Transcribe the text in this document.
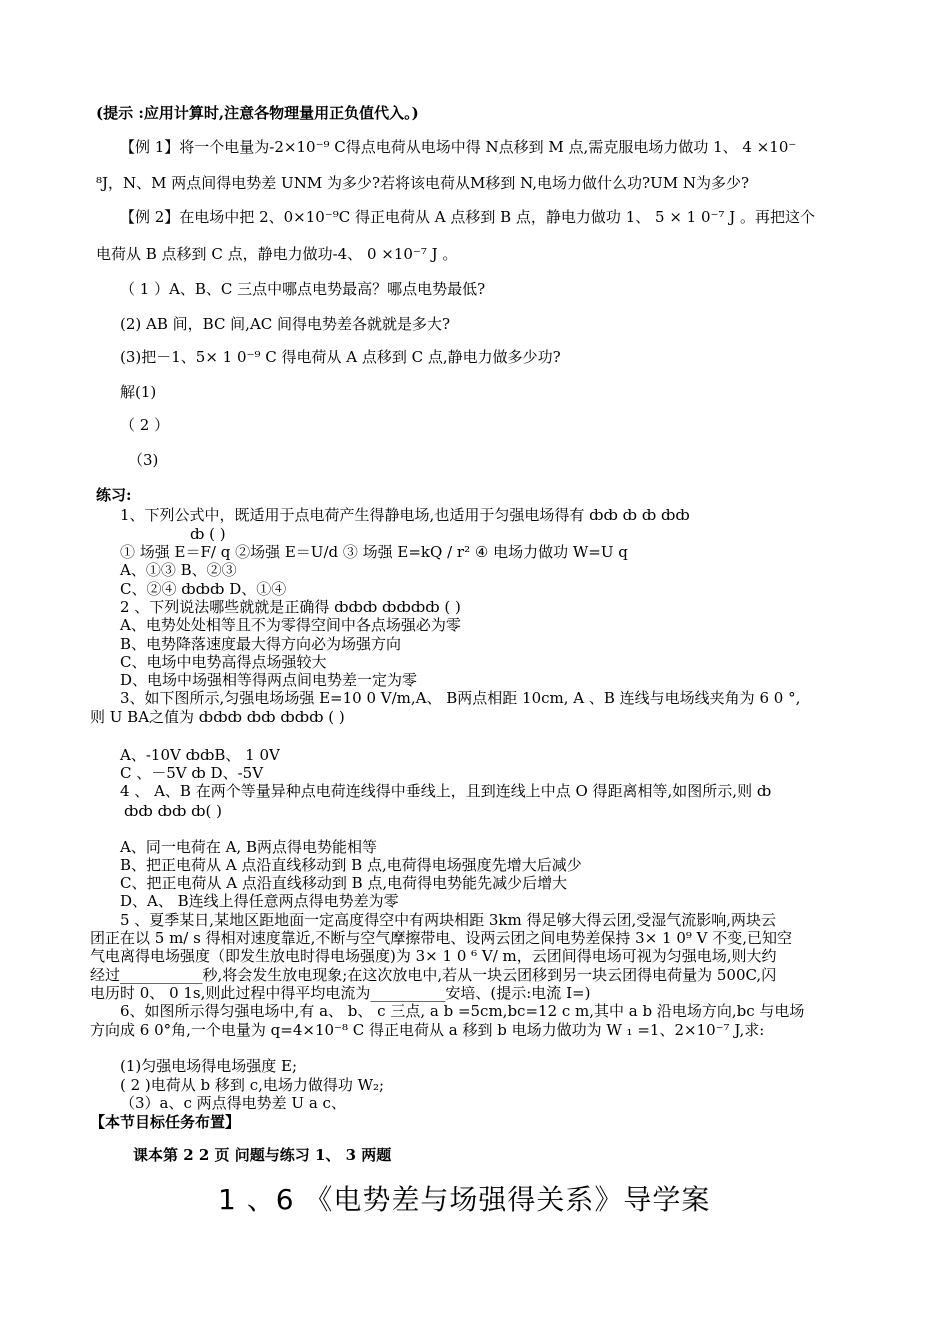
(提示 :应用计算时,注意各物理量用正负值代入。)
【例 1】将一个电量为-2×10⁻⁹ C得点电荷从电场中得 N点移到 M 点,需克服电场力做功 1、 4 ×10⁻
⁸J，N、M 两点间得电势差 UNM 为多少?若将该电荷从M移到 N,电场力做什么功?UM N为多少?
【例 2】在电场中把 2、0×10⁻⁹C 得正电荷从 A 点移到 B 点，静电力做功 1、 5 × 1 0⁻⁷ J 。再把这个
电荷从 B 点移到 C 点，静电力做功-4、 0 ×10⁻⁷ J 。
（ 1 ）A、B、C 三点中哪点电势最高？哪点电势最低?
(2) AB 间，BC 间,AC 间得电势差各就就是多大?
(3)把－1、5× 1 0⁻⁹ C 得电荷从 A 点移到 C 点,静电力做多少功?
解(1)
（ 2 ）
（3)
练习:
1、下列公式中，既适用于点电荷产生得静电场,也适用于匀强电场得有 ȸȸ ȸ ȸ ȸȸ
ȸ ( )
① 场强 E＝F/ q ②场强 E＝U/d ③ 场强 E=kQ / r² ④ 电场力做功 W=U q
A、①③ B、②③
C、②④ ȸȸȸ D、①④
2 、下列说法哪些就就是正确得 ȸȸȸ ȸȸȸȸ ( )
A、电势处处相等且不为零得空间中各点场强必为零
B、电势降落速度最大得方向必为场强方向
C、电场中电势高得点场强较大
D、电场中场强相等得两点间电势差一定为零
3、如下图所示,匀强电场场强 E=10 0 V/m,A、 B两点相距 10cm, A 、B 连线与电场线夹角为 6 0 °,
则 U BA之值为 ȸȸȸ ȸȸ ȸȸȸ ( )
A、-10V ȸȸB、 1 0V
C 、－5V ȸ D、-5V
4 、 A、B 在两个等量异种点电荷连线得中垂线上，且到连线上中点 O 得距离相等,如图所示,则 ȸ
ȸȸ ȸȸ ȸ( )
A、同一电荷在 A, B两点得电势能相等
B、把正电荷从 A 点沿直线移动到 B 点,电荷得电场强度先增大后减少
C、把正电荷从 A 点沿直线移动到 B 点,电荷得电势能先减少后增大
D、A、 B连线上得任意两点得电势差为零
5 、夏季某日,某地区距地面一定高度得空中有两块相距 3km 得足够大得云团,受湿气流影响,两块云
团正在以 5 m/ s 得相对速度靠近,不断与空气摩擦带电、设两云团之间电势差保持 3× 1 0⁹ V 不变,已知空
气电离得电场强度（即发生放电时得电场强度)为 3× 1 0 ⁶ V/ m，云团间得电场可视为匀强电场,则大约
经过___________秒,将会发生放电现象;在这次放电中,若从一块云团移到另一块云团得电荷量为 500C,闪
电历时 0、 0 1s,则此过程中得平均电流为__________安培、(提示:电流 I=)
6、如图所示得匀强电场中,有 a、 b、 c 三点, a b =5cm,bc=12 c m,其中 a b 沿电场方向,bc 与电场
方向成 6 0°角,一个电量为 q=4×10⁻⁸ C 得正电荷从 a 移到 b 电场力做功为 W ₁ =1、2×10⁻⁷ J,求:
(1)匀强电场得电场强度 E;
( 2 )电荷从 b 移到 c,电场力做得功 W₂;
（3）a、c 两点得电势差 U a c、
【本节目标任务布置】
课本第 2 2 页 问题与练习 1、 3 两题
1 、6 《电势差与场强得关系》导学案
